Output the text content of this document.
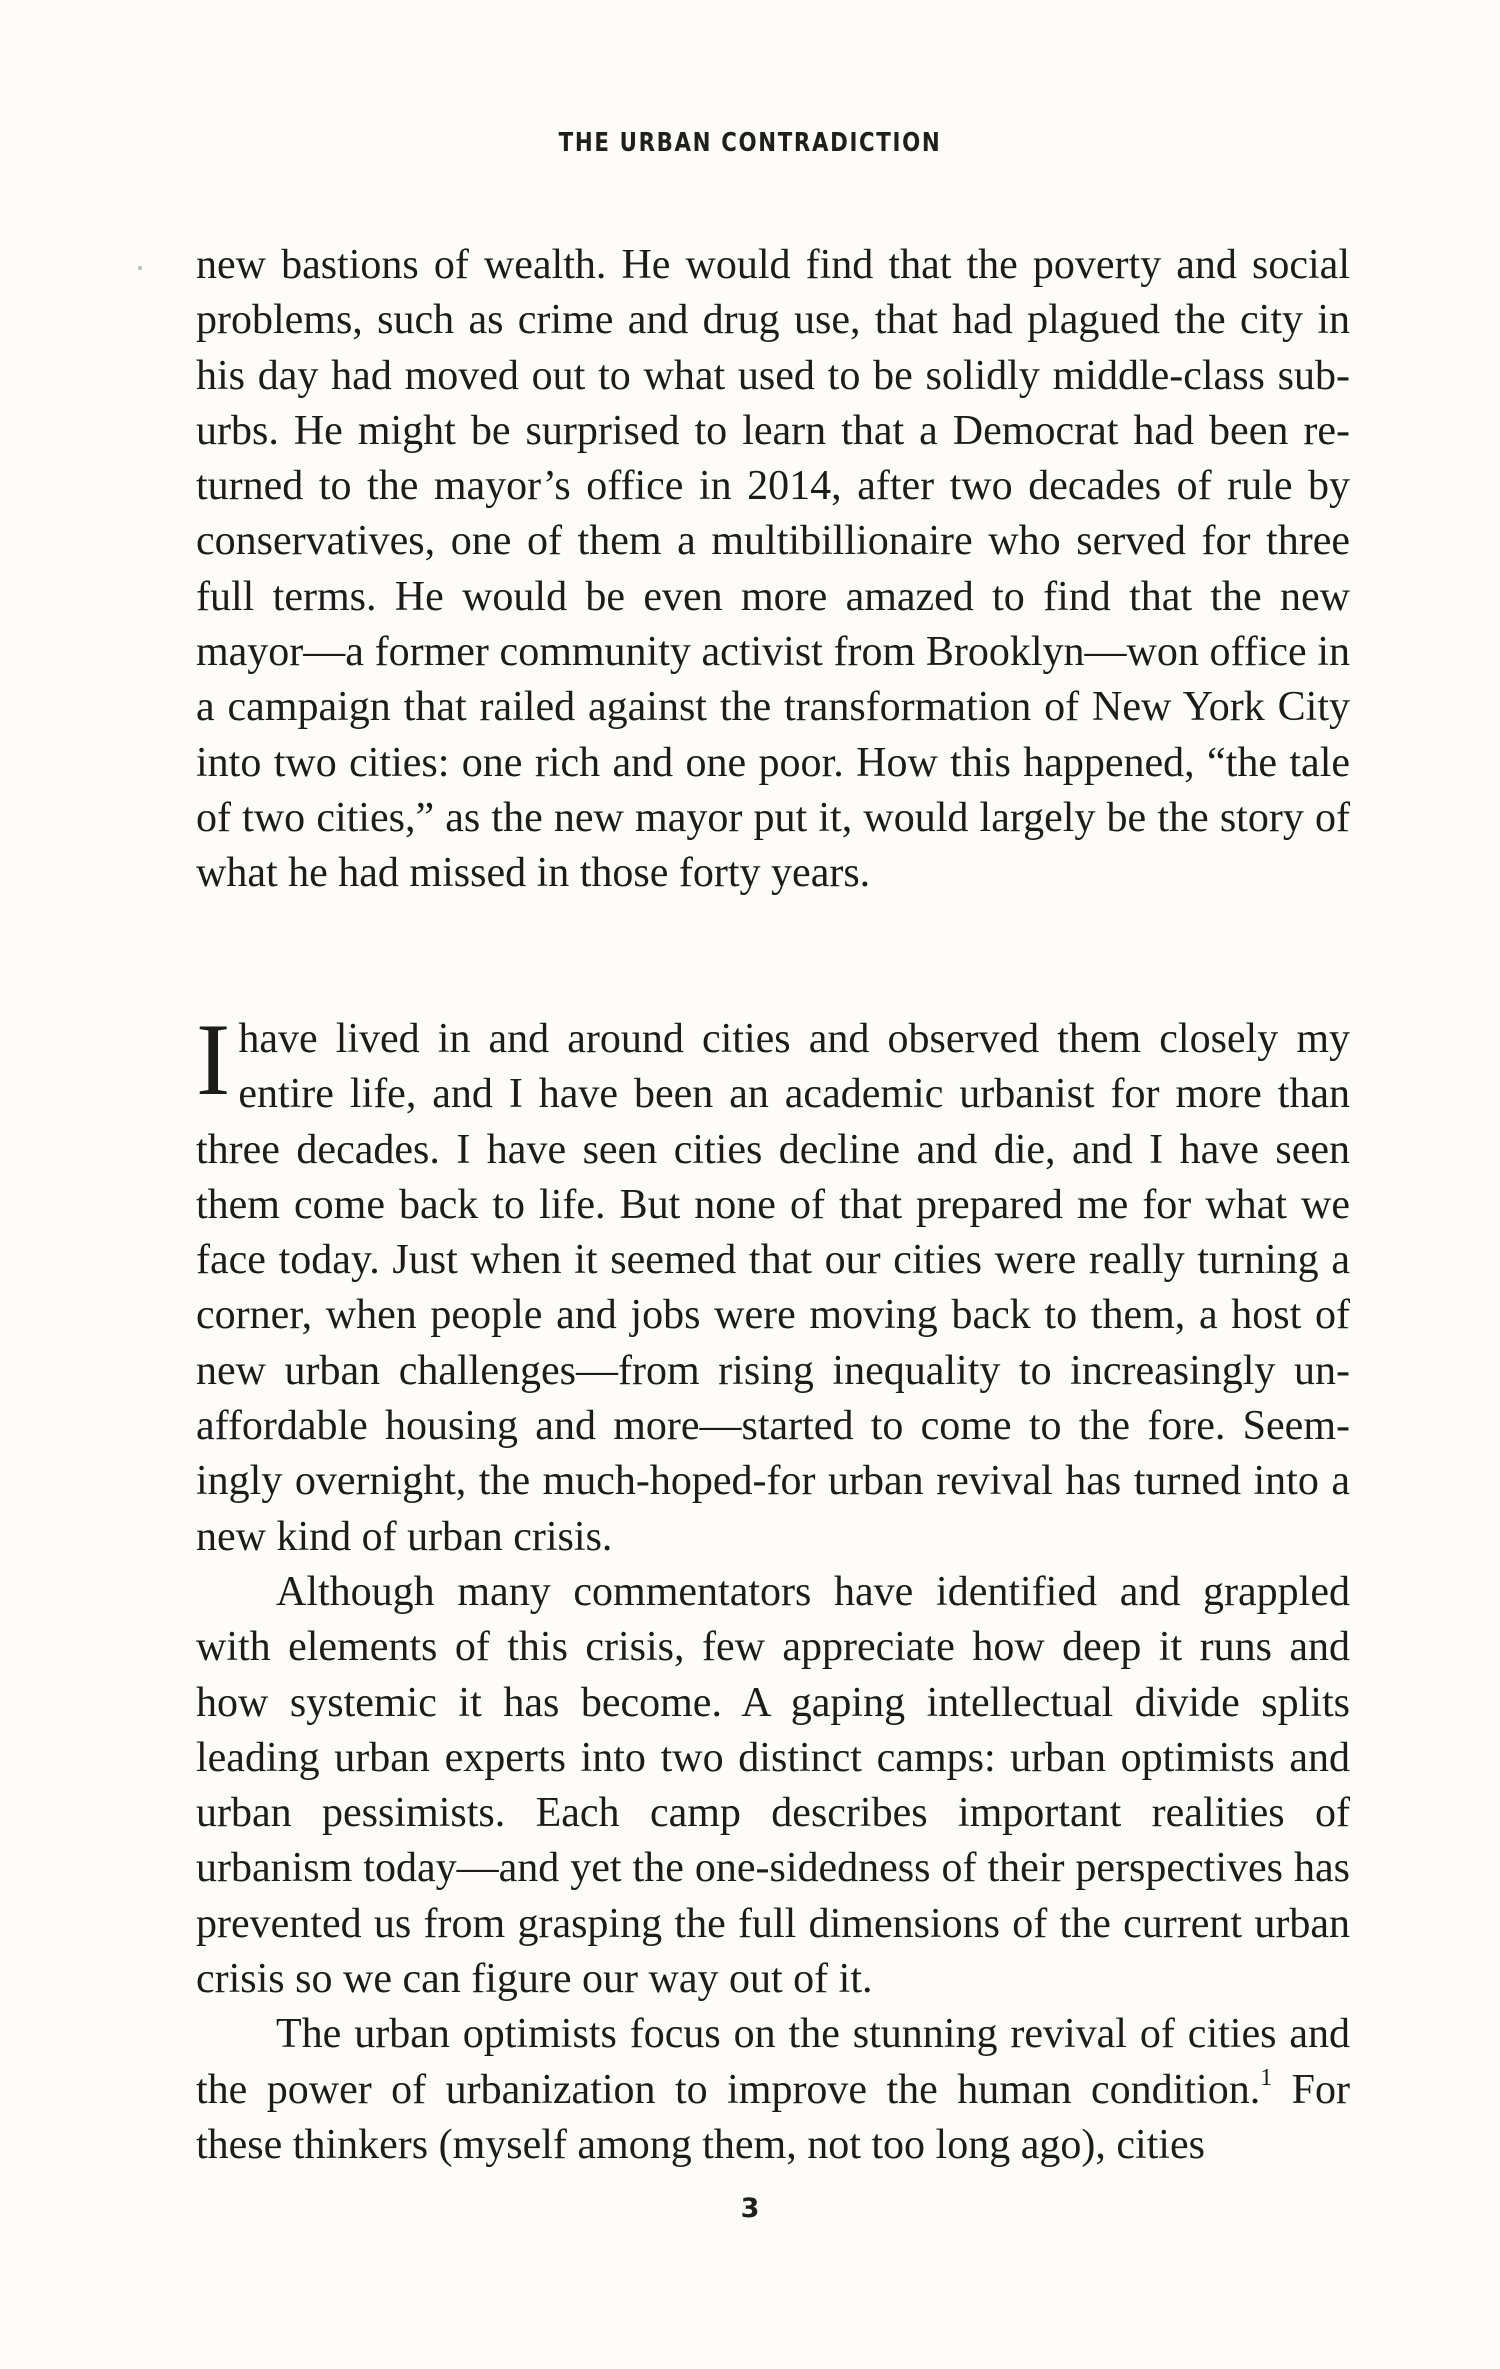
THE URBAN CONTRADICTION

new bastions of wealth. He would find that the poverty and social problems, such as crime and drug use, that had plagued the city in his day had moved out to what used to be solidly middle-class suburbs. He might be surprised to learn that a Democrat had been returned to the mayor’s office in 2014, after two decades of rule by conservatives, one of them a multibillionaire who served for three full terms. He would be even more amazed to find that the new mayor—a former community activist from Brooklyn—won office in a campaign that railed against the transformation of New York City into two cities: one rich and one poor. How this happened, “the tale of two cities,” as the new mayor put it, would largely be the story of what he had missed in those forty years.

Ihave lived in and around cities and observed them closely my entire life, and I have been an academic urbanist for more than three decades. I have seen cities decline and die, and I have seen them come back to life. But none of that prepared me for what we face today. Just when it seemed that our cities were really turning a corner, when people and jobs were moving back to them, a host of new urban challenges—from rising inequality to increasingly unaffordable housing and more—started to come to the fore. Seemingly overnight, the much-hoped-for urban revival has turned into a new kind of urban crisis.

Although many commentators have identified and grappled with elements of this crisis, few appreciate how deep it runs and how systemic it has become. A gaping intellectual divide splits leading urban experts into two distinct camps: urban optimists and urban pessimists. Each camp describes important realities of urbanism today—and yet the one-sidedness of their perspectives has prevented us from grasping the full dimensions of the current urban crisis so we can figure our way out of it.

The urban optimists focus on the stunning revival of cities and the power of urbanization to improve the human condition.$^1$ For these thinkers (myself among them, not too long ago), cities

3
